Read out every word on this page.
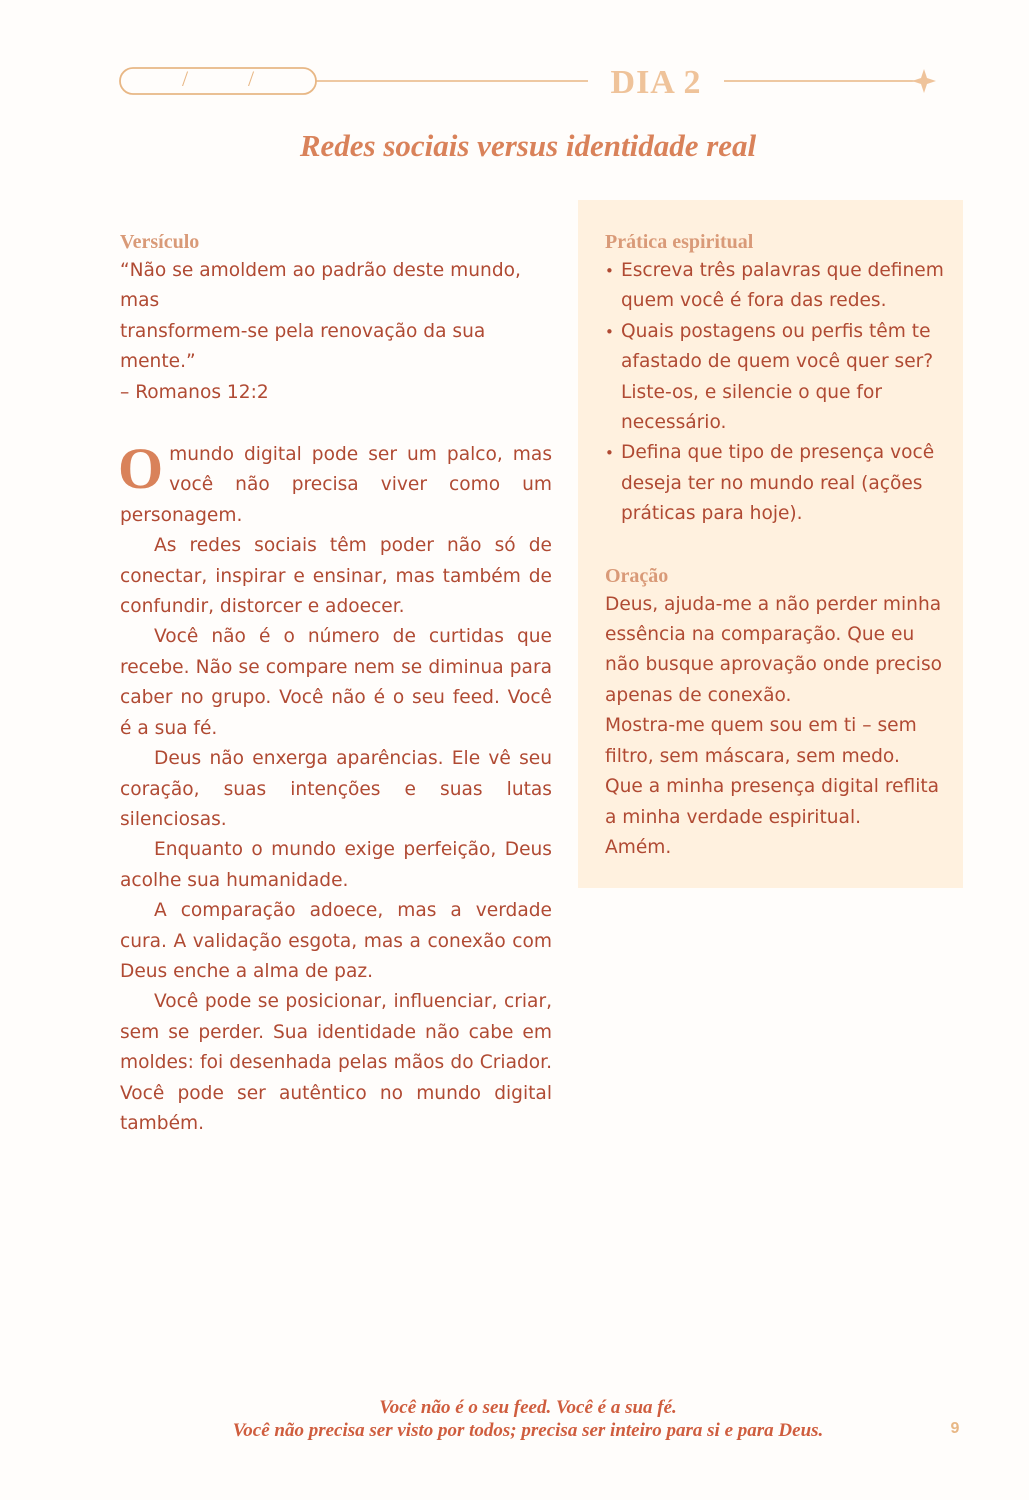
/	/	DIA 2
Redes sociais versus identidade real
Versículo

“Não se amoldem ao padrão deste mundo, mas

transformem-se pela renovação da sua mente.”

– Romanos 12:2

Omundo digital pode ser um palco, mas você não precisa viver como um personagem.

As redes sociais têm poder não só de conectar, inspirar e ensinar, mas também de confundir, distorcer e adoecer.

Você não é o número de curtidas que recebe. Não se compare nem se diminua para caber no grupo. Você não é o seu feed. Você é a sua fé.

Deus não enxerga aparências. Ele vê seu coração, suas intenções e suas lutas silenciosas.

Enquanto o mundo exige perfeição, Deus acolhe sua humanidade.

A comparação adoece, mas a verdade cura. A validação esgota, mas a conexão com Deus enche a alma de paz.

Você pode se posicionar, influenciar, criar, sem se perder. Sua identidade não cabe em moldes: foi desenhada pelas mãos do Criador. Você pode ser autêntico no mundo digital também.

Prática espiritual
• Escreva três palavras que definem quem você é fora das redes.
• Quais postagens ou perfis têm te afastado de quem você quer ser? Liste-os, e silencie o que for necessário.
• Defina que tipo de presença você deseja ter no mundo real (ações práticas para hoje).
Oração

Deus, ajuda-me a não perder minha essência na comparação. Que eu não busque aprovação onde preciso apenas de conexão.

Mostra-me quem sou em ti – sem filtro, sem máscara, sem medo.

Que a minha presença digital reflita a minha verdade espiritual.

Amém.

Você não é o seu feed. Você é a sua fé.

Você não precisa ser visto por todos; precisa ser inteiro para si e para Deus.	9
